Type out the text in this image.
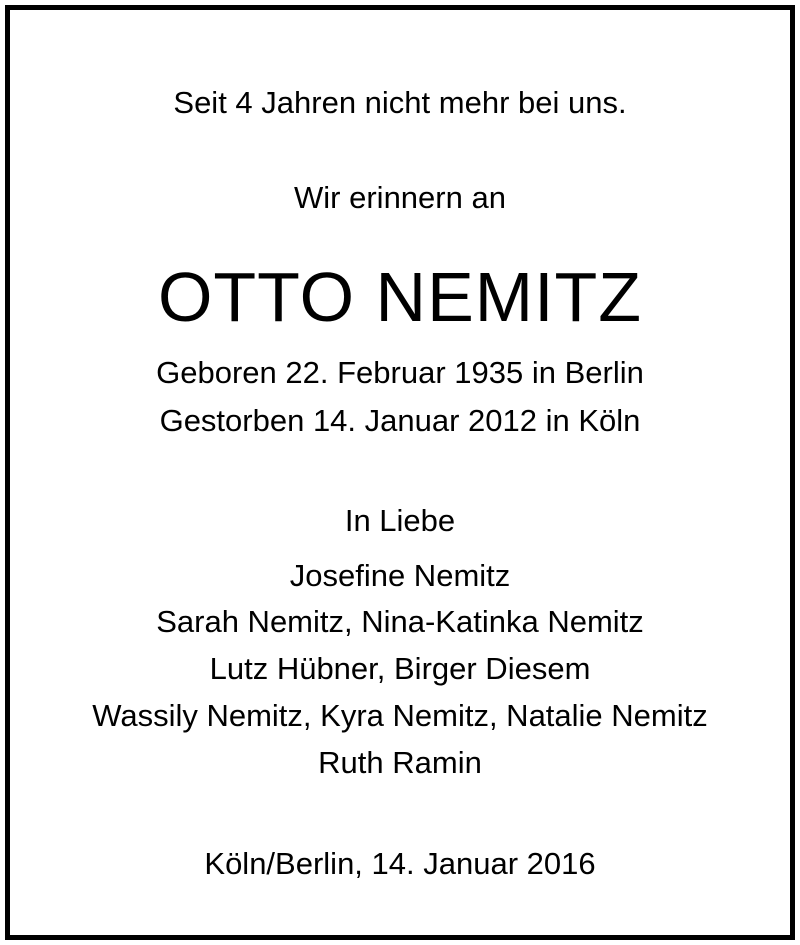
Seit 4 Jahren nicht mehr bei uns.
Wir erinnern an
OTTO NEMITZ
Geboren 22. Februar 1935 in Berlin
Gestorben 14. Januar 2012 in Köln
In Liebe
Josefine Nemitz
Sarah Nemitz, Nina-Katinka Nemitz
Lutz Hübner, Birger Diesem
Wassily Nemitz, Kyra Nemitz, Natalie Nemitz
Ruth Ramin
Köln/Berlin, 14. Januar 2016
